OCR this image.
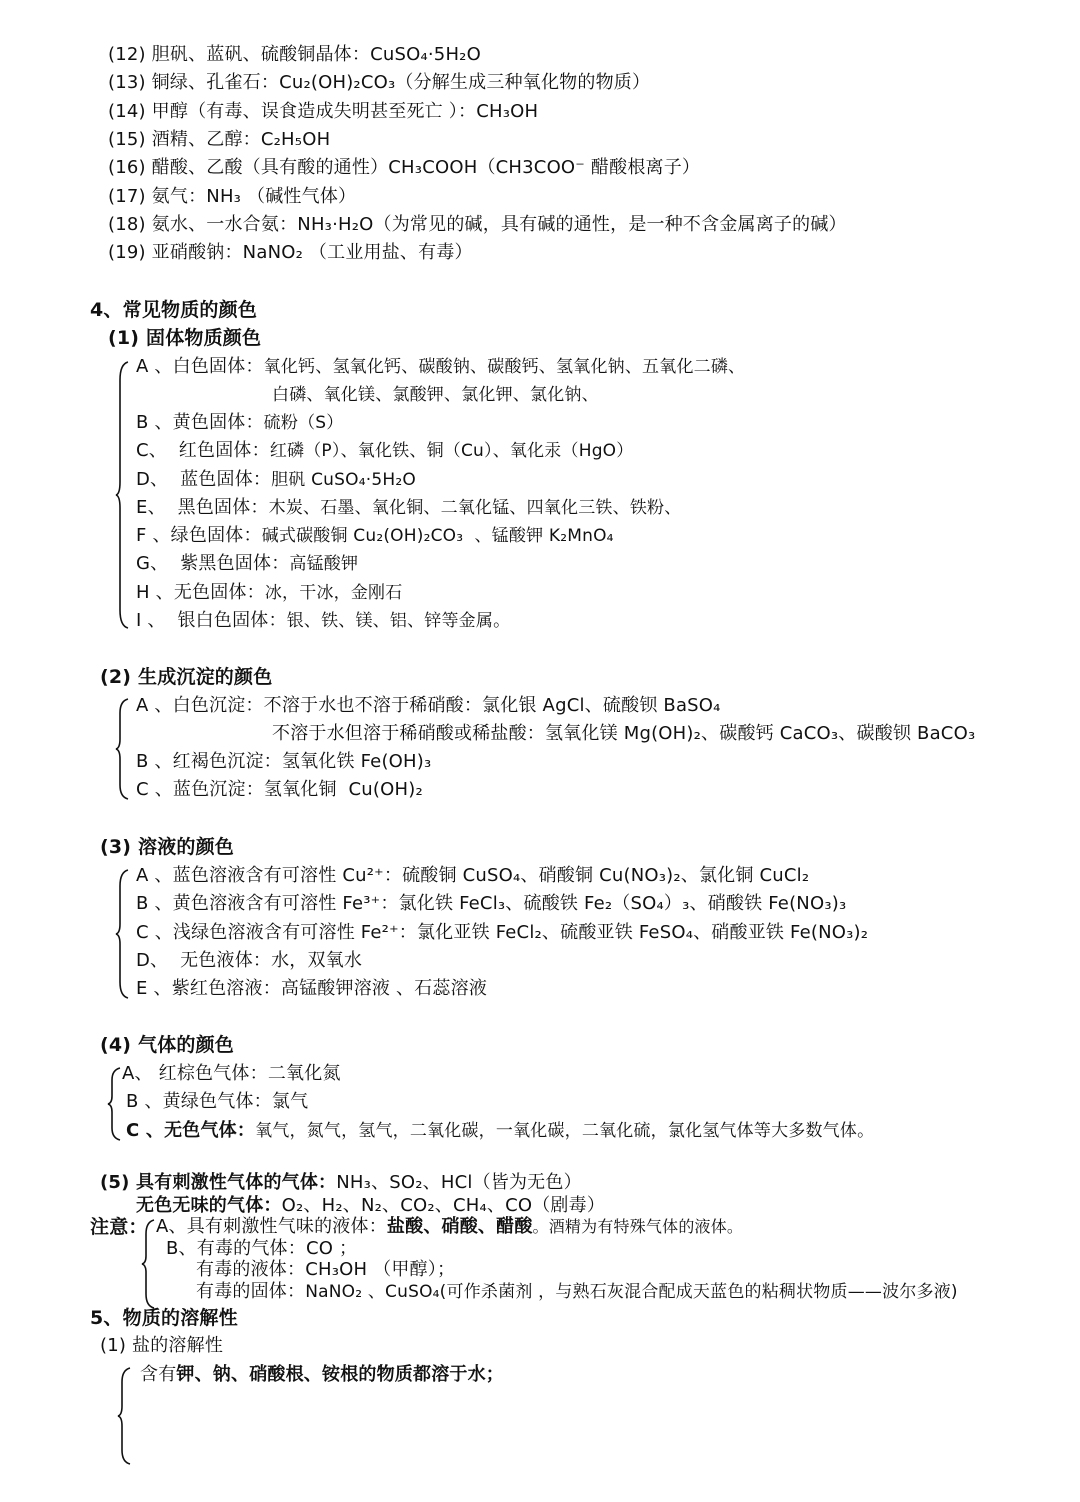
(12) 胆矾、蓝矾、硫酸铜晶体：CuSO₄·5H₂O
(13) 铜绿、孔雀石：Cu₂(OH)₂CO₃（分解生成三种氧化物的物质）
(14) 甲醇（有毒、误食造成失明甚至死亡 ）：CH₃OH
(15) 酒精、乙醇：C₂H₅OH
(16) 醋酸、乙酸（具有酸的通性）CH₃COOH（CH3COO⁻ 醋酸根离子）
(17) 氨气：NH₃ （碱性气体）
(18) 氨水、一水合氨：NH₃·H₂O（为常见的碱，具有碱的通性，是一种不含金属离子的碱）
(19) 亚硝酸钠：NaNO₂ （工业用盐、有毒）
4、常见物质的颜色
(1) 固体物质颜色
A 、白色固体：氧化钙、氢氧化钙、碳酸钠、碳酸钙、氢氧化钠、五氧化二磷、
白磷、氧化镁、氯酸钾、氯化钾、氯化钠、
B 、黄色固体：硫粉（S）
C、  红色固体：红磷（P）、氧化铁、铜（Cu）、氧化汞（HgO）
D、  蓝色固体：胆矾 CuSO₄·5H₂O
E、  黑色固体：木炭、石墨、氧化铜、二氧化锰、四氧化三铁、铁粉、
F 、绿色固体：碱式碳酸铜 Cu₂(OH)₂CO₃  、锰酸钾 K₂MnO₄
G、  紫黑色固体：高锰酸钾
H 、无色固体：冰，干冰，金刚石
I 、  银白色固体：银、铁、镁、铝、锌等金属。
(2) 生成沉淀的颜色
A 、白色沉淀：不溶于水也不溶于稀硝酸：氯化银 AgCl、硫酸钡 BaSO₄
不溶于水但溶于稀硝酸或稀盐酸：氢氧化镁 Mg(OH)₂、碳酸钙 CaCO₃、碳酸钡 BaCO₃
B 、红褐色沉淀：氢氧化铁 Fe(OH)₃
C 、蓝色沉淀：氢氧化铜  Cu(OH)₂
(3) 溶液的颜色
A 、蓝色溶液含有可溶性 Cu²⁺：硫酸铜 CuSO₄、硝酸铜 Cu(NO₃)₂、氯化铜 CuCl₂
B 、黄色溶液含有可溶性 Fe³⁺：氯化铁 FeCl₃、硫酸铁 Fe₂（SO₄）₃、硝酸铁 Fe(NO₃)₃
C 、浅绿色溶液含有可溶性 Fe²⁺：氯化亚铁 FeCl₂、硫酸亚铁 FeSO₄、硝酸亚铁 Fe(NO₃)₂
D、  无色液体：水，双氧水
E 、紫红色溶液：高锰酸钾溶液 、石蕊溶液
(4) 气体的颜色
A、 红棕色气体：二氧化氮
B 、黄绿色气体：氯气
C 、无色气体：氧气，氮气，氢气，二氧化碳，一氧化碳，二氧化硫，氯化氢气体等大多数气体。
(5) 具有刺激性气体的气体：NH₃、SO₂、HCl（皆为无色）
无色无味的气体：O₂、H₂、N₂、CO₂、CH₄、CO（剧毒）
注意： A、具有刺激性气味的液体：盐酸、硝酸、醋酸。酒精为有特殊气体的液体。
B、有毒的气体：CO ；
有毒的液体：CH₃OH （甲醇）；
有毒的固体：NaNO₂ 、CuSO₄(可作杀菌剂 ，与熟石灰混合配成天蓝色的粘稠状物质——波尔多液)
5、物质的溶解性
(1) 盐的溶解性
含有钾、钠、硝酸根、铵根的物质都溶于水；
